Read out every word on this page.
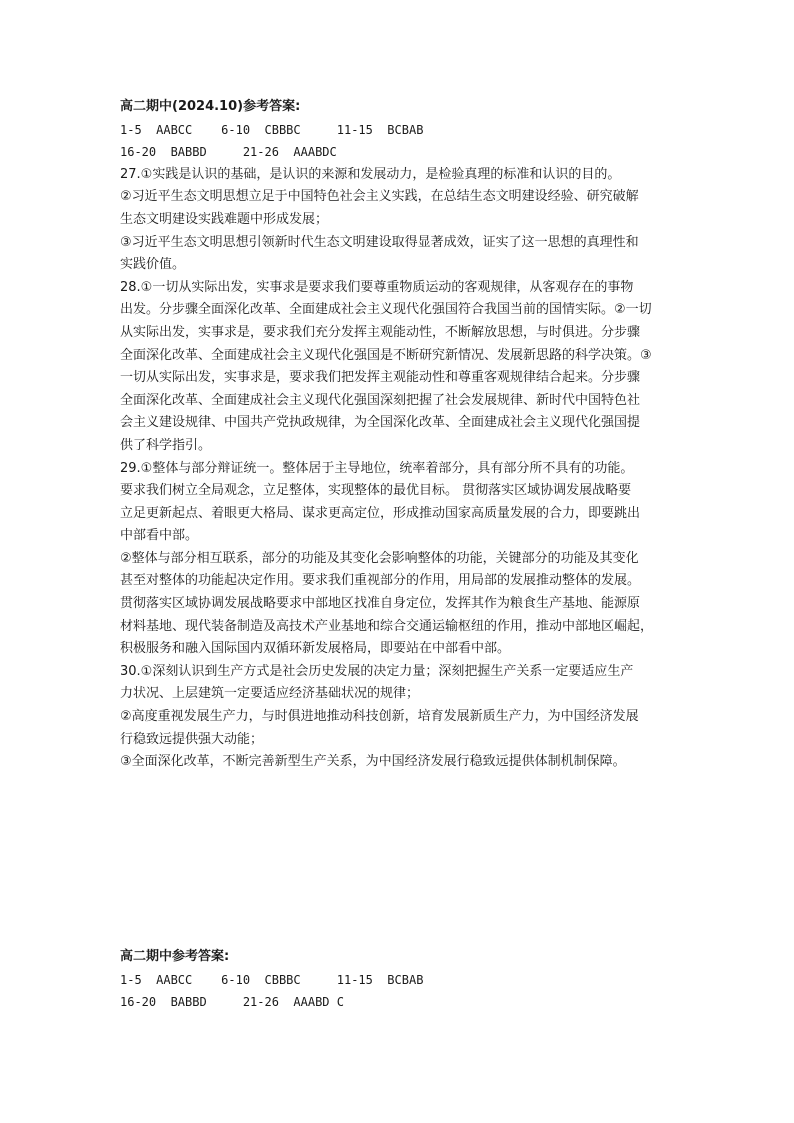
高二期中(2024.10)参考答案:
1-5  AABCC    6-10  CBBBC     11-15  BCBAB
16-20  BABBD     21-26  AAABDC
27.①实践是认识的基础，是认识的来源和发展动力，是检验真理的标准和认识的目的。
②习近平生态文明思想立足于中国特色社会主义实践，在总结生态文明建设经验、研究破解
生态文明建设实践难题中形成发展；
③习近平生态文明思想引领新时代生态文明建设取得显著成效，证实了这一思想的真理性和
实践价值。
28.①一切从实际出发，实事求是要求我们要尊重物质运动的客观规律，从客观存在的事物
出发。分步骤全面深化改革、全面建成社会主义现代化强国符合我国当前的国情实际。②一切
从实际出发，实事求是，要求我们充分发挥主观能动性，不断解放思想，与时俱进。分步骤
全面深化改革、全面建成社会主义现代化强国是不断研究新情况、发展新思路的科学决策。③
一切从实际出发，实事求是，要求我们把发挥主观能动性和尊重客观规律结合起来。分步骤
全面深化改革、全面建成社会主义现代化强国深刻把握了社会发展规律、新时代中国特色社
会主义建设规律、中国共产党执政规律，为全国深化改革、全面建成社会主义现代化强国提
供了科学指引。
29.①整体与部分辩证统一。整体居于主导地位，统率着部分，具有部分所不具有的功能。
要求我们树立全局观念，立足整体，实现整体的最优目标。 贯彻落实区域协调发展战略要
立足更新起点、着眼更大格局、谋求更高定位，形成推动国家高质量发展的合力，即要跳出
中部看中部。
②整体与部分相互联系，部分的功能及其变化会影响整体的功能，关键部分的功能及其变化
甚至对整体的功能起决定作用。要求我们重视部分的作用，用局部的发展推动整体的发展。
贯彻落实区域协调发展战略要求中部地区找准自身定位，发挥其作为粮食生产基地、能源原
材料基地、现代装备制造及高技术产业基地和综合交通运输枢纽的作用，推动中部地区崛起，
积极服务和融入国际国内双循环新发展格局，即要站在中部看中部。
30.①深刻认识到生产方式是社会历史发展的决定力量；深刻把握生产关系一定要适应生产
力状况、上层建筑一定要适应经济基础状况的规律；
②高度重视发展生产力，与时俱进地推动科技创新，培育发展新质生产力，为中国经济发展
行稳致远提供强大动能；
③全面深化改革，不断完善新型生产关系，为中国经济发展行稳致远提供体制机制保障。
高二期中参考答案:
1-5  AABCC    6-10  CBBBC     11-15  BCBAB
16-20  BABBD     21-26  AAABD C
